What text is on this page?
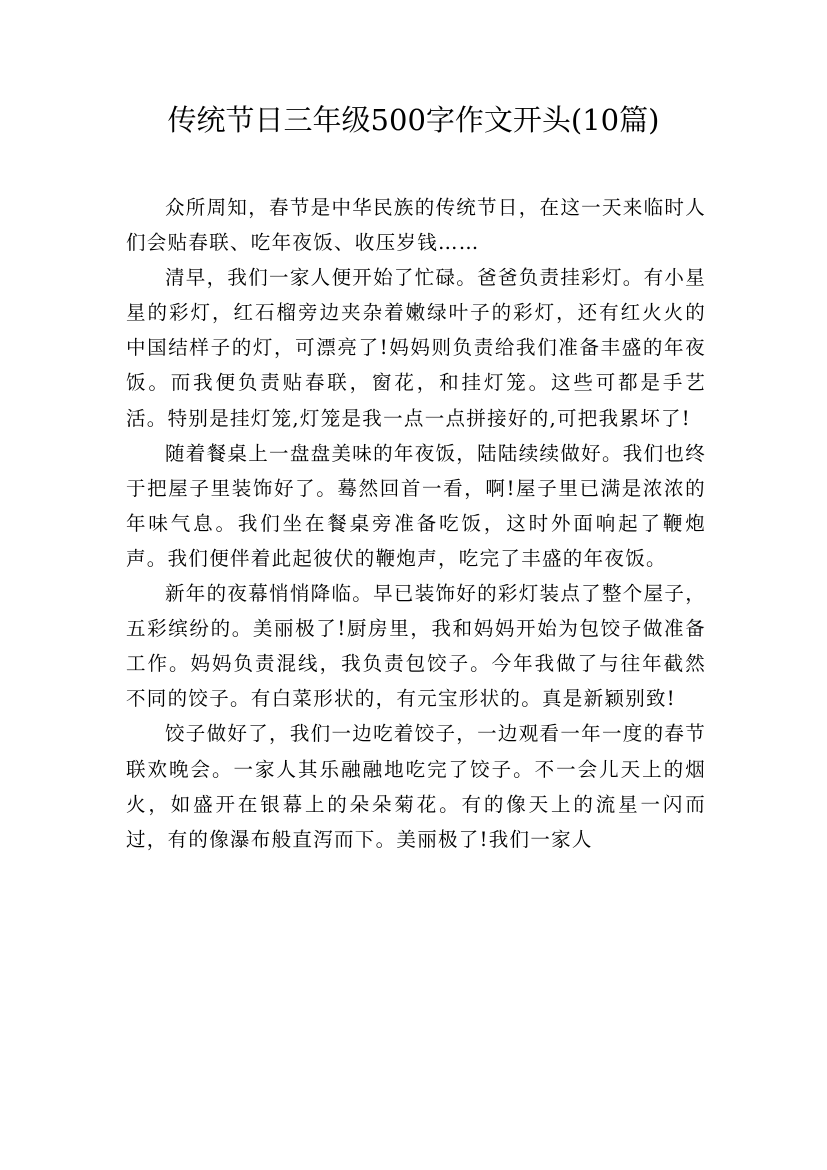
传统节日三年级500字作文开头(10篇)

众所周知，春节是中华民族的传统节日，在这一天来临时人们会贴春联、吃年夜饭、收压岁钱……

清早，我们一家人便开始了忙碌。爸爸负责挂彩灯。有小星星的彩灯，红石榴旁边夹杂着嫩绿叶子的彩灯，还有红火火的中国结样子的灯，可漂亮了!妈妈则负责给我们准备丰盛的年夜饭。而我便负责贴春联，窗花，和挂灯笼。这些可都是手艺活。特别是挂灯笼,灯笼是我一点一点拼接好的,可把我累坏了!

随着餐桌上一盘盘美味的年夜饭，陆陆续续做好。我们也终于把屋子里装饰好了。蓦然回首一看，啊!屋子里已满是浓浓的年味气息。我们坐在餐桌旁准备吃饭，这时外面响起了鞭炮声。我们便伴着此起彼伏的鞭炮声，吃完了丰盛的年夜饭。

新年的夜幕悄悄降临。早已装饰好的彩灯装点了整个屋子，五彩缤纷的。美丽极了!厨房里，我和妈妈开始为包饺子做准备工作。妈妈负责混线，我负责包饺子。今年我做了与往年截然不同的饺子。有白菜形状的，有元宝形状的。真是新颖别致!

饺子做好了，我们一边吃着饺子，一边观看一年一度的春节联欢晚会。一家人其乐融融地吃完了饺子。不一会儿天上的烟火，如盛开在银幕上的朵朵菊花。有的像天上的流星一闪而过，有的像瀑布般直泻而下。美丽极了!我们一家人
